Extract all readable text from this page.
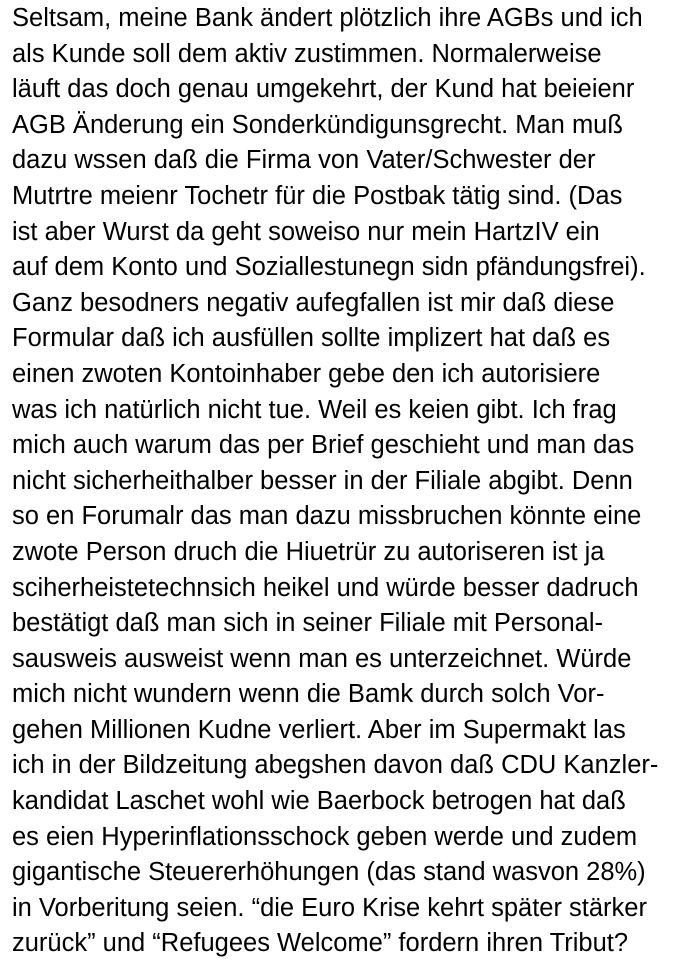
Seltsam, meine Bank ändert plötzlich ihre AGBs und ich
als Kunde soll dem aktiv zustimmen. Normalerweise
läuft das doch genau umgekehrt, der Kund hat beieienr
AGB Änderung ein Sonderkündigunsgrecht. Man muß
dazu wssen daß die Firma von Vater/Schwester der
Mutrtre meienr Tochetr für die Postbak tätig sind. (Das
ist aber Wurst da geht soweiso nur mein HartzIV ein
auf dem Konto und Soziallestunegn sidn pfändungsfrei).
Ganz besodners negativ aufegfallen ist mir daß diese
Formular daß ich ausfüllen sollte implizert hat daß es
einen zwoten Kontoinhaber gebe den ich autorisiere
was ich natürlich nicht tue. Weil es keien gibt. Ich frag
mich auch warum das per Brief geschieht und man das
nicht sicherheithalber besser in der Filiale abgibt. Denn
so en Forumalr das man dazu missbruchen könnte eine
zwote Person druch die Hiuetrür zu autoriseren ist ja
sciherheistetechnsich heikel und würde besser dadruch
bestätigt daß man sich in seiner Filiale mit Personal-
sausweis ausweist wenn man es unterzeichnet. Würde
mich nicht wundern wenn die Bamk durch solch Vor-
gehen Millionen Kudne verliert. Aber im Supermakt las
ich in der Bildzeitung abegshen davon daß CDU Kanzler-
kandidat Laschet wohl wie Baerbock betrogen hat daß
es eien Hyperinflationsschock geben werde und zudem
gigantische Steuererhöhungen (das stand wasvon 28%)
in Vorberitung seien. “die Euro Krise kehrt später stärker
zurück” und “Refugees Welcome” fordern ihren Tribut?
